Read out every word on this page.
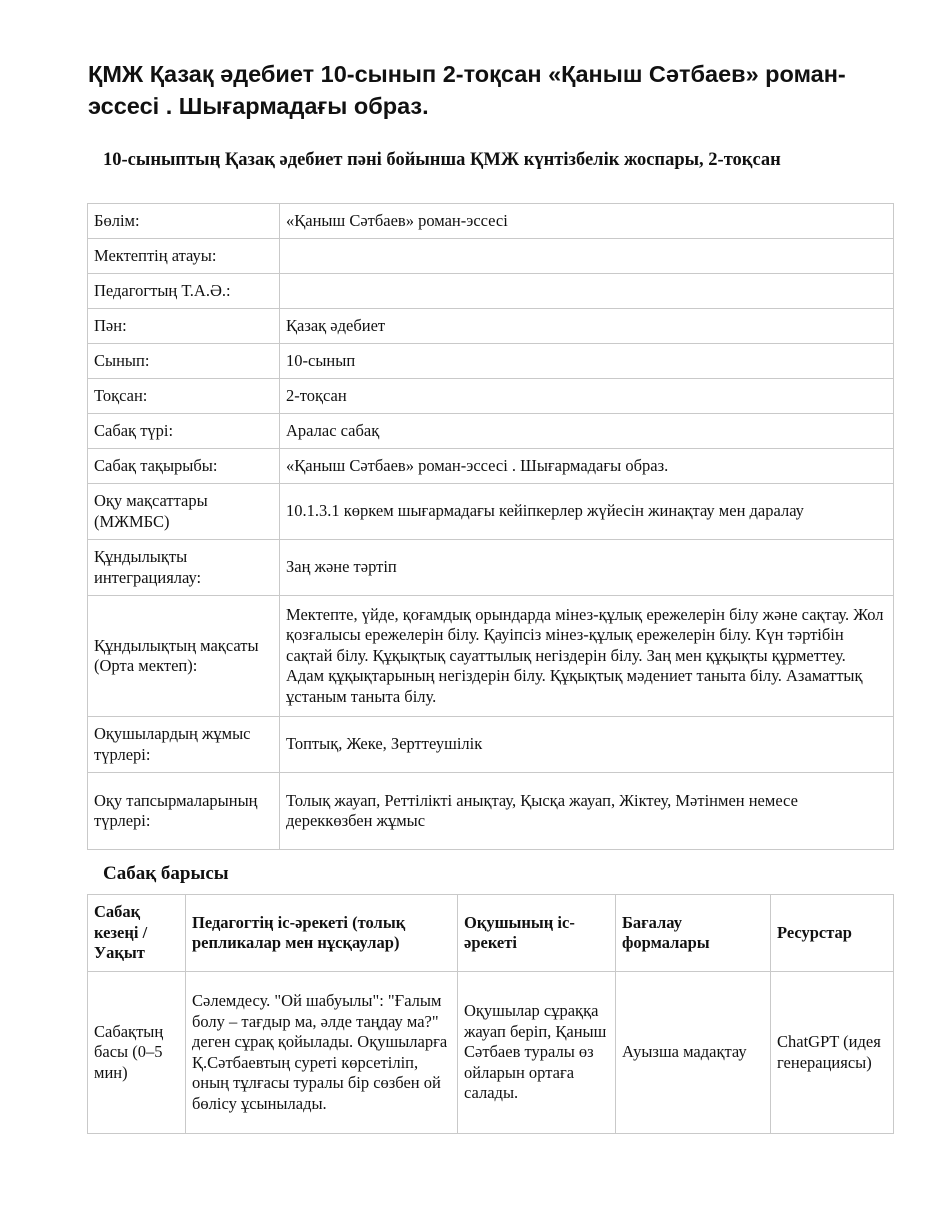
ҚМЖ Қазақ әдебиет 10-сынып 2-тоқсан «Қаныш Сәтбаев» роман-эссесі . Шығармадағы образ.
10-сыныптың Қазақ әдебиет пәні бойынша ҚМЖ күнтізбелік жоспары, 2-тоқсан
Бөлім:	«Қаныш Сәтбаев» роман-эссесі
Мектептің атауы:	
Педагогтың Т.А.Ә.:	
Пән:	Қазақ әдебиет
Сынып:	10-сынып
Тоқсан:	2-тоқсан
Сабақ түрі:	Аралас сабақ
Сабақ тақырыбы:	«Қаныш Сәтбаев» роман-эссесі . Шығармадағы образ.
Оқу мақсаттары (МЖМБС)	10.1.3.1 көркем шығармадағы кейіпкерлер жүйесін жинақтау мен даралау
Құндылықты интеграциялау:	Заң және тәртіп
Құндылықтың мақсаты (Орта мектеп):	Мектепте, үйде, қоғамдық орындарда мінез-құлық ережелерін білу және сақтау. Жол қозғалысы ережелерін білу. Қауіпсіз мінез-құлық ережелерін білу. Күн тәртібін сақтай білу. Құқықтық сауаттылық негіздерін білу. Заң мен құқықты құрметтеу. Адам құқықтарының негіздерін білу. Құқықтық мәдениет таныта білу. Азаматтық ұстаным таныта білу.
Оқушылардың жұмыс түрлері:	Топтық, Жеке, Зерттеушілік
Оқу тапсырмаларының түрлері:	Толық жауап, Реттілікті анықтау, Қысқа жауап, Жіктеу, Мәтінмен немесе дереккөзбен жұмыс
Сабақ барысы
Сабақ кезеңі / Уақыт	Педагогтің іс-әрекеті (толық репликалар мен нұсқаулар)	Оқушының іс-әрекеті	Бағалау формалары	Ресурстар
Сабақтың басы (0–5 мин)	Сәлемдесу. "Ой шабуылы": "Ғалым болу – тағдыр ма, әлде таңдау ма?" деген сұрақ қойылады. Оқушыларға Қ.Сәтбаевтың суреті көрсетіліп, оның тұлғасы туралы бір сөзбен ой бөлісу ұсынылады.	Оқушылар сұраққа жауап беріп, Қаныш Сәтбаев туралы өз ойларын ортаға салады.	Ауызша мадақтау	ChatGPT (идея генерациясы)
